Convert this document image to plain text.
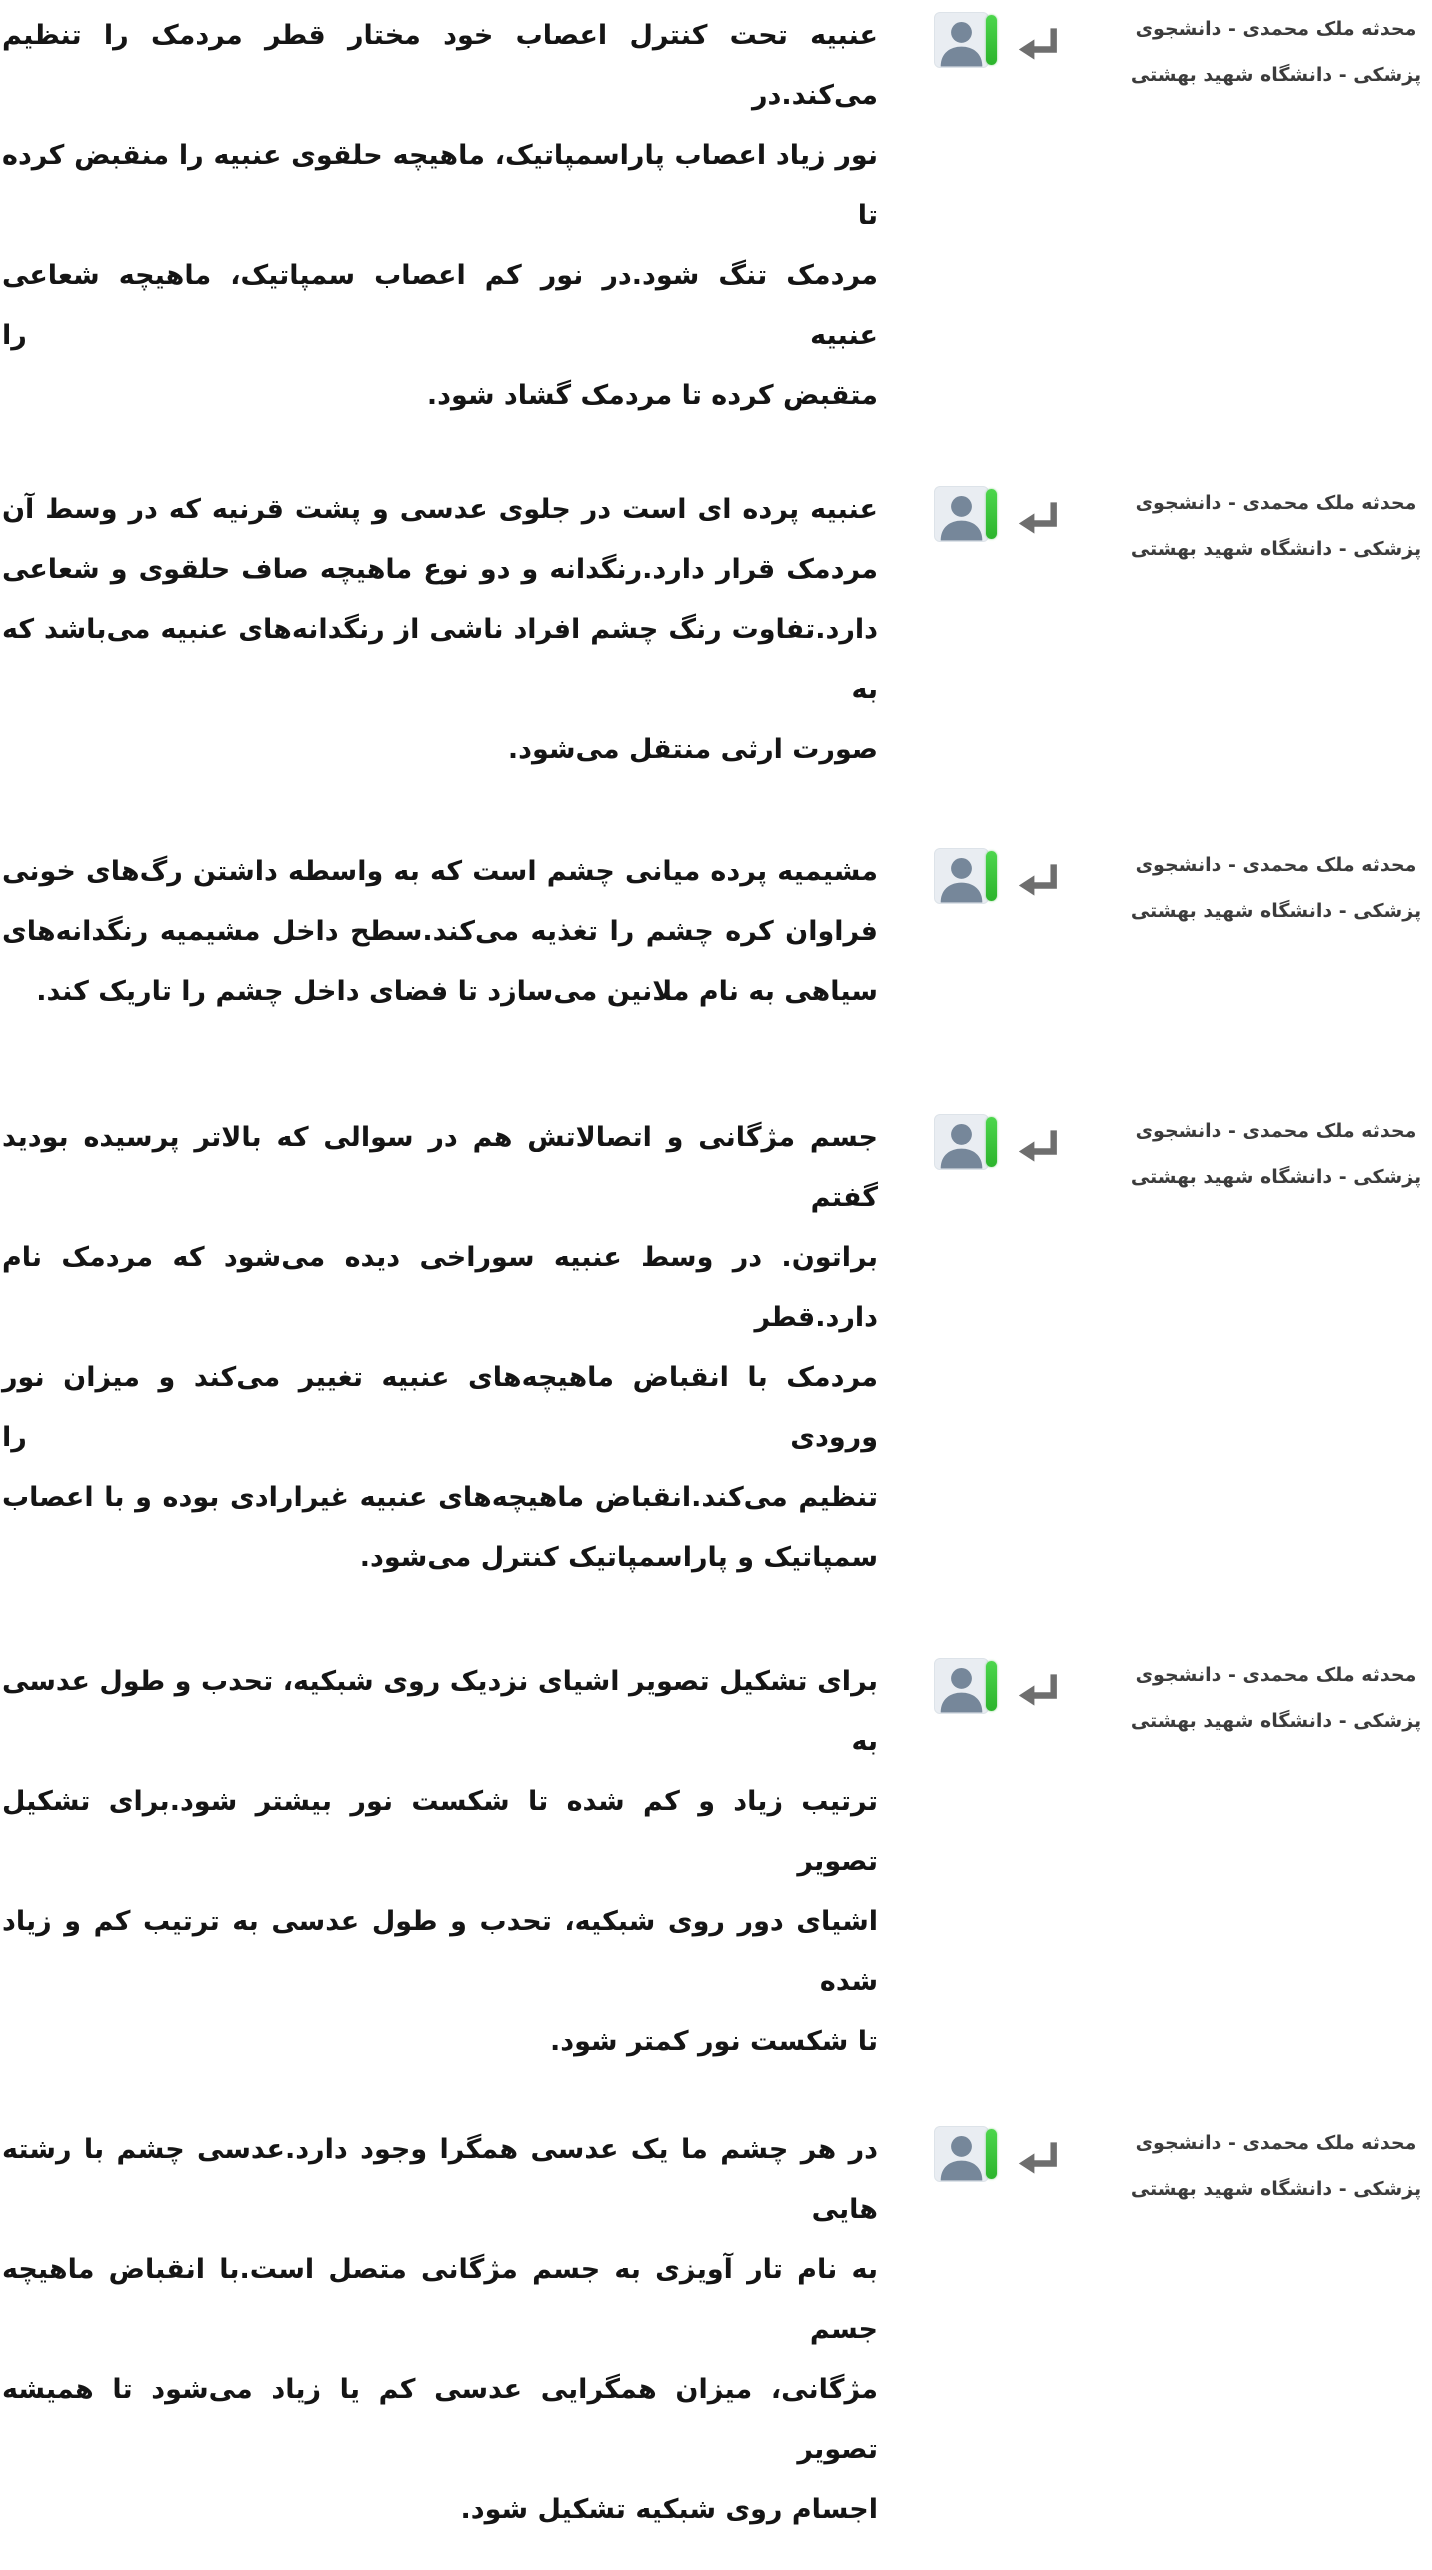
محدثه ملک محمدی - دانشجوی
پزشکی - دانشگاه شهید بهشتی
عنبیه تحت کنترل اعصاب خود مختار قطر مردمک را تنظیم می‌کند.در
نور زیاد اعصاب پاراسمپاتیک، ماهیچه حلقوی عنبیه را منقبض کرده تا
مردمک تنگ شود.در نور کم اعصاب سمپاتیک، ماهیچه شعاعی عنبیه را
متقبض کرده تا مردمک گشاد شود.
محدثه ملک محمدی - دانشجوی
پزشکی - دانشگاه شهید بهشتی
عنبیه پرده ای است در جلوی عدسی و پشت قرنیه که در وسط آن
مردمک قرار دارد.رنگدانه و دو نوع ماهیچه صاف حلقوی و شعاعی
دارد.تفاوت رنگ چشم افراد ناشی از رنگدانه‌های عنبیه می‌باشد که به
صورت ارثی منتقل می‌شود.
محدثه ملک محمدی - دانشجوی
پزشکی - دانشگاه شهید بهشتی
مشیمیه پرده میانی چشم است که به واسطه داشتن رگ‌های خونی
فراوان کره چشم را تغذیه می‌کند.سطح داخل مشیمیه رنگدانه‌های
سیاهی به نام ملانین می‌سازد تا فضای داخل چشم را تاریک کند.
محدثه ملک محمدی - دانشجوی
پزشکی - دانشگاه شهید بهشتی
جسم مژگانی و اتصالاتش هم در سوالی که بالاتر پرسیده بودید گفتم
براتون. در وسط عنبیه سوراخی دیده می‌شود که مردمک نام دارد.قطر
مردمک با انقباض ماهیچه‌های عنبیه تغییر می‌کند و میزان نور ورودی را
تنظیم می‌کند.انقباض ماهیچه‌های عنبیه غیرارادی بوده و با اعصاب
سمپاتیک و پاراسمپاتیک کنترل می‌شود.
محدثه ملک محمدی - دانشجوی
پزشکی - دانشگاه شهید بهشتی
برای تشکیل تصویر اشیای نزدیک روی شبکیه، تحدب و طول عدسی به
ترتیب زیاد و کم شده تا شکست نور بیشتر شود.برای تشکیل تصویر
اشیای دور روی شبکیه، تحدب و طول عدسی به ترتیب کم و زیاد شده
تا شکست نور کمتر شود.
محدثه ملک محمدی - دانشجوی
پزشکی - دانشگاه شهید بهشتی
در هر چشم ما یک عدسی همگرا وجود دارد.عدسی چشم با رشته هایی
به نام تار آویزی به جسم مژگانی متصل است.با انقباض ماهیچه جسم
مژگانی، میزان همگرایی عدسی کم یا زیاد می‌شود تا همیشه تصویر
اجسام روی شبکیه تشکیل شود.
